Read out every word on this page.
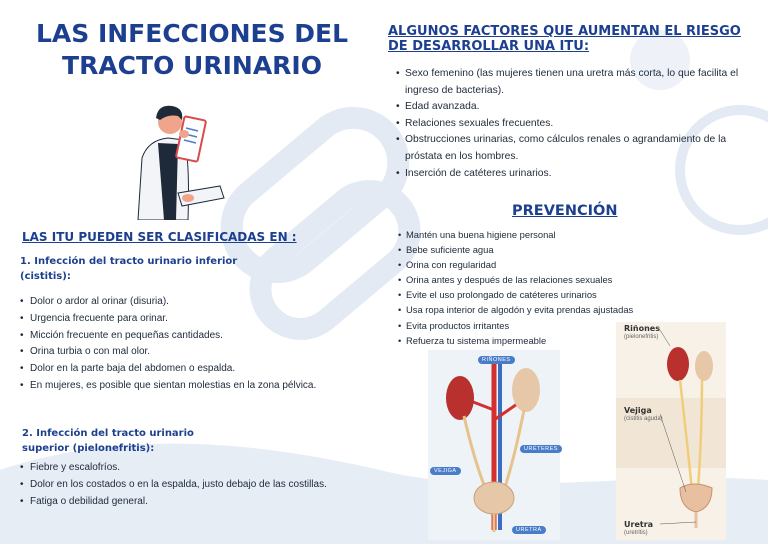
LAS INFECCIONES DEL
TRACTO URINARIO
ALGUNOS FACTORES QUE AUMENTAN EL RIESGO DE DESARROLLAR UNA ITU:
• Sexo femenino (las mujeres tienen una uretra más corta, lo que facilita el ingreso de bacterias).
• Edad avanzada.
• Relaciones sexuales frecuentes.
• Obstrucciones urinarias, como cálculos renales o agrandamiento de la próstata en los hombres.
• Inserción de catéteres urinarios.
PREVENCIÓN
• Mantén una buena higiene personal
• Bebe suficiente agua
• Orina con regularidad
• Orina antes y después de las relaciones sexuales
• Evite el uso prolongado de catéteres urinarios
• Usa ropa interior de algodón y evita prendas ajustadas
• Evita productos irritantes
• Refuerza tu sistema impermeable
LAS ITU PUEDEN SER CLASIFICADAS EN :
1. Infección del tracto urinario inferior (cistitis):
• Dolor o ardor al orinar (disuria).
• Urgencia frecuente para orinar.
• Micción frecuente en pequeñas cantidades.
• Orina turbia o con mal olor.
• Dolor en la parte baja del abdomen o espalda.
• En mujeres, es posible que sientan molestias en la zona pélvica.
2. Infección del tracto urinario superior (pielonefritis):
• Fiebre y escalofríos.
• Dolor en los costados o en la espalda, justo debajo de las costillas.
• Fatiga o debilidad general.
RIÑONES
URÉTERES
VEJIGA
URETRA
Riñones
(pielonefritis)
Vejiga
(cistitis aguda)
Uretra
(uretritis)
